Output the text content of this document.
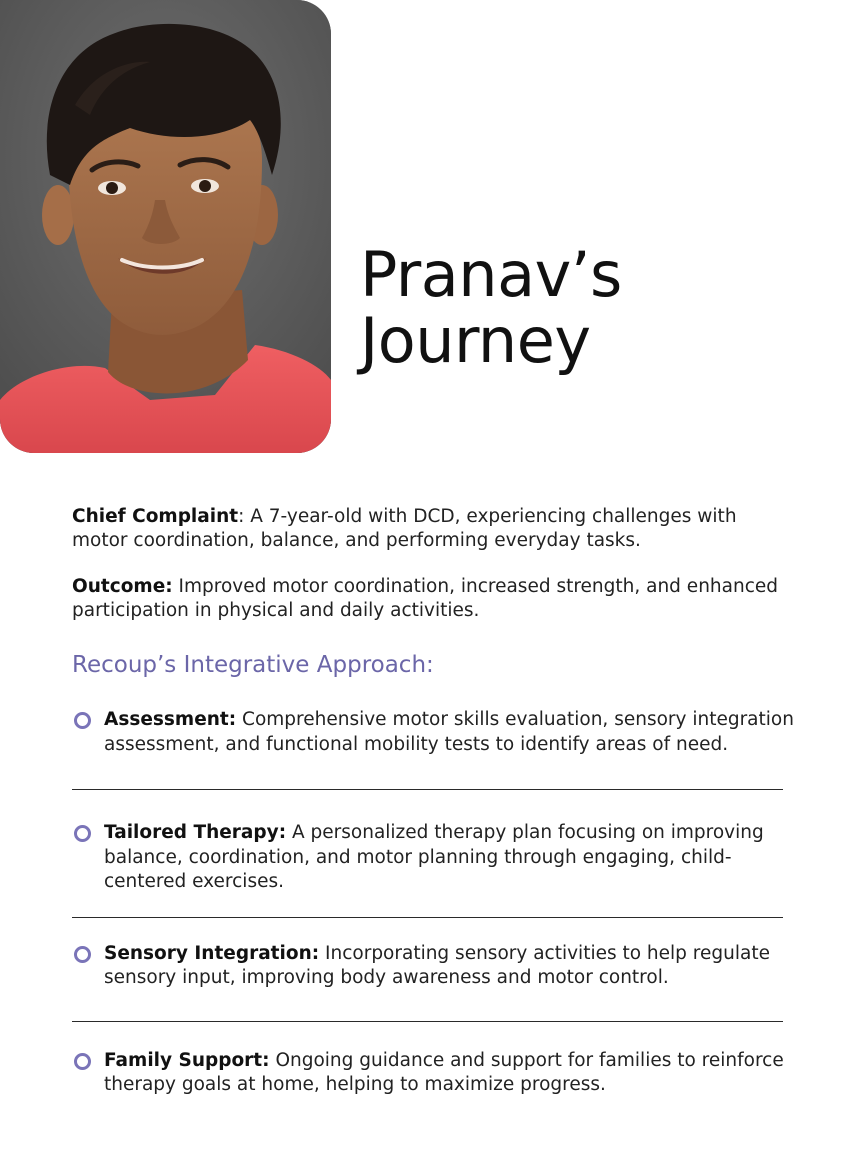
Pranav’s
Journey

Chief Complaint: A 7-year-old with DCD, experiencing challenges with motor coordination, balance, and performing everyday tasks.

Outcome: Improved motor coordination, increased strength, and enhanced participation in physical and daily activities.

Recoup’s Integrative Approach:
Assessment: Comprehensive motor skills evaluation, sensory integration assessment, and functional mobility tests to identify areas of need.
Tailored Therapy: A personalized therapy plan focusing on improving balance, coordination, and motor planning through engaging, child-centered exercises.
Sensory Integration: Incorporating sensory activities to help regulate sensory input, improving body awareness and motor control.
Family Support: Ongoing guidance and support for families to reinforce therapy goals at home, helping to maximize progress.
